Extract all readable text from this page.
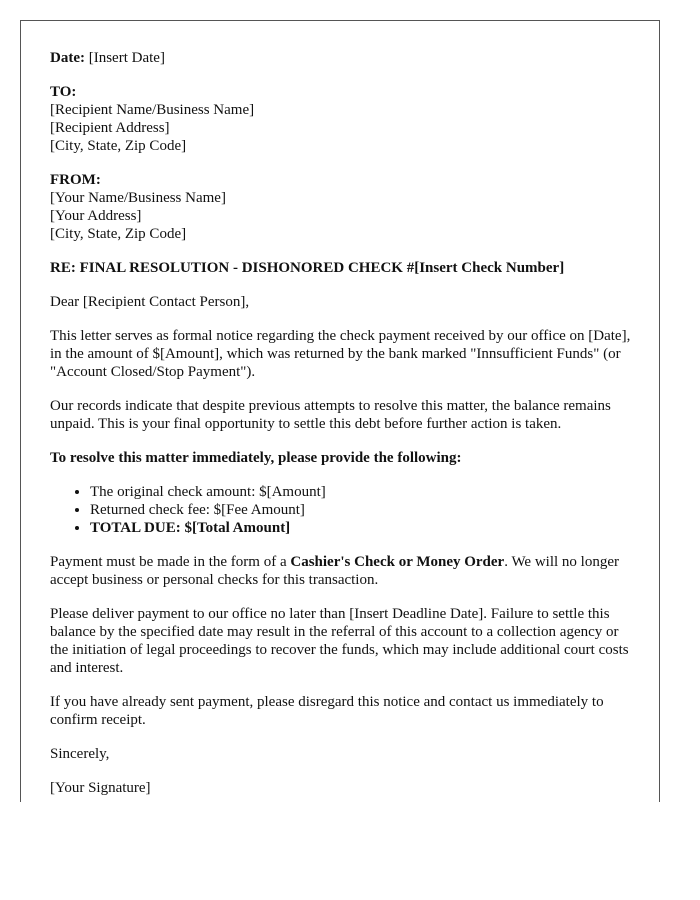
Date: [Insert Date]

TO:
[Recipient Name/Business Name]
[Recipient Address]
[City, State, Zip Code]
FROM:
[Your Name/Business Name]
[Your Address]
[City, State, Zip Code]

RE: FINAL RESOLUTION - DISHONORED CHECK #[Insert Check Number]

Dear [Recipient Contact Person],

This letter serves as formal notice regarding the check payment received by our office on [Date], in the amount of $[Amount], which was returned by the bank marked "Innsufficient Funds" (or "Account Closed/Stop Payment").

Our records indicate that despite previous attempts to resolve this matter, the balance remains unpaid. This is your final opportunity to settle this debt before further action is taken.

To resolve this matter immediately, please provide the following:

• The original check amount: $[Amount]
• Returned check fee: $[Fee Amount]
• TOTAL DUE: $[Total Amount]

Payment must be made in the form of a Cashier's Check or Money Order. We will no longer accept business or personal checks for this transaction.

Please deliver payment to our office no later than [Insert Deadline Date]. Failure to settle this balance by the specified date may result in the referral of this account to a collection agency or the initiation of legal proceedings to recover the funds, which may include additional court costs and interest.

If you have already sent payment, please disregard this notice and contact us immediately to confirm receipt.

Sincerely,

[Your Signature]
